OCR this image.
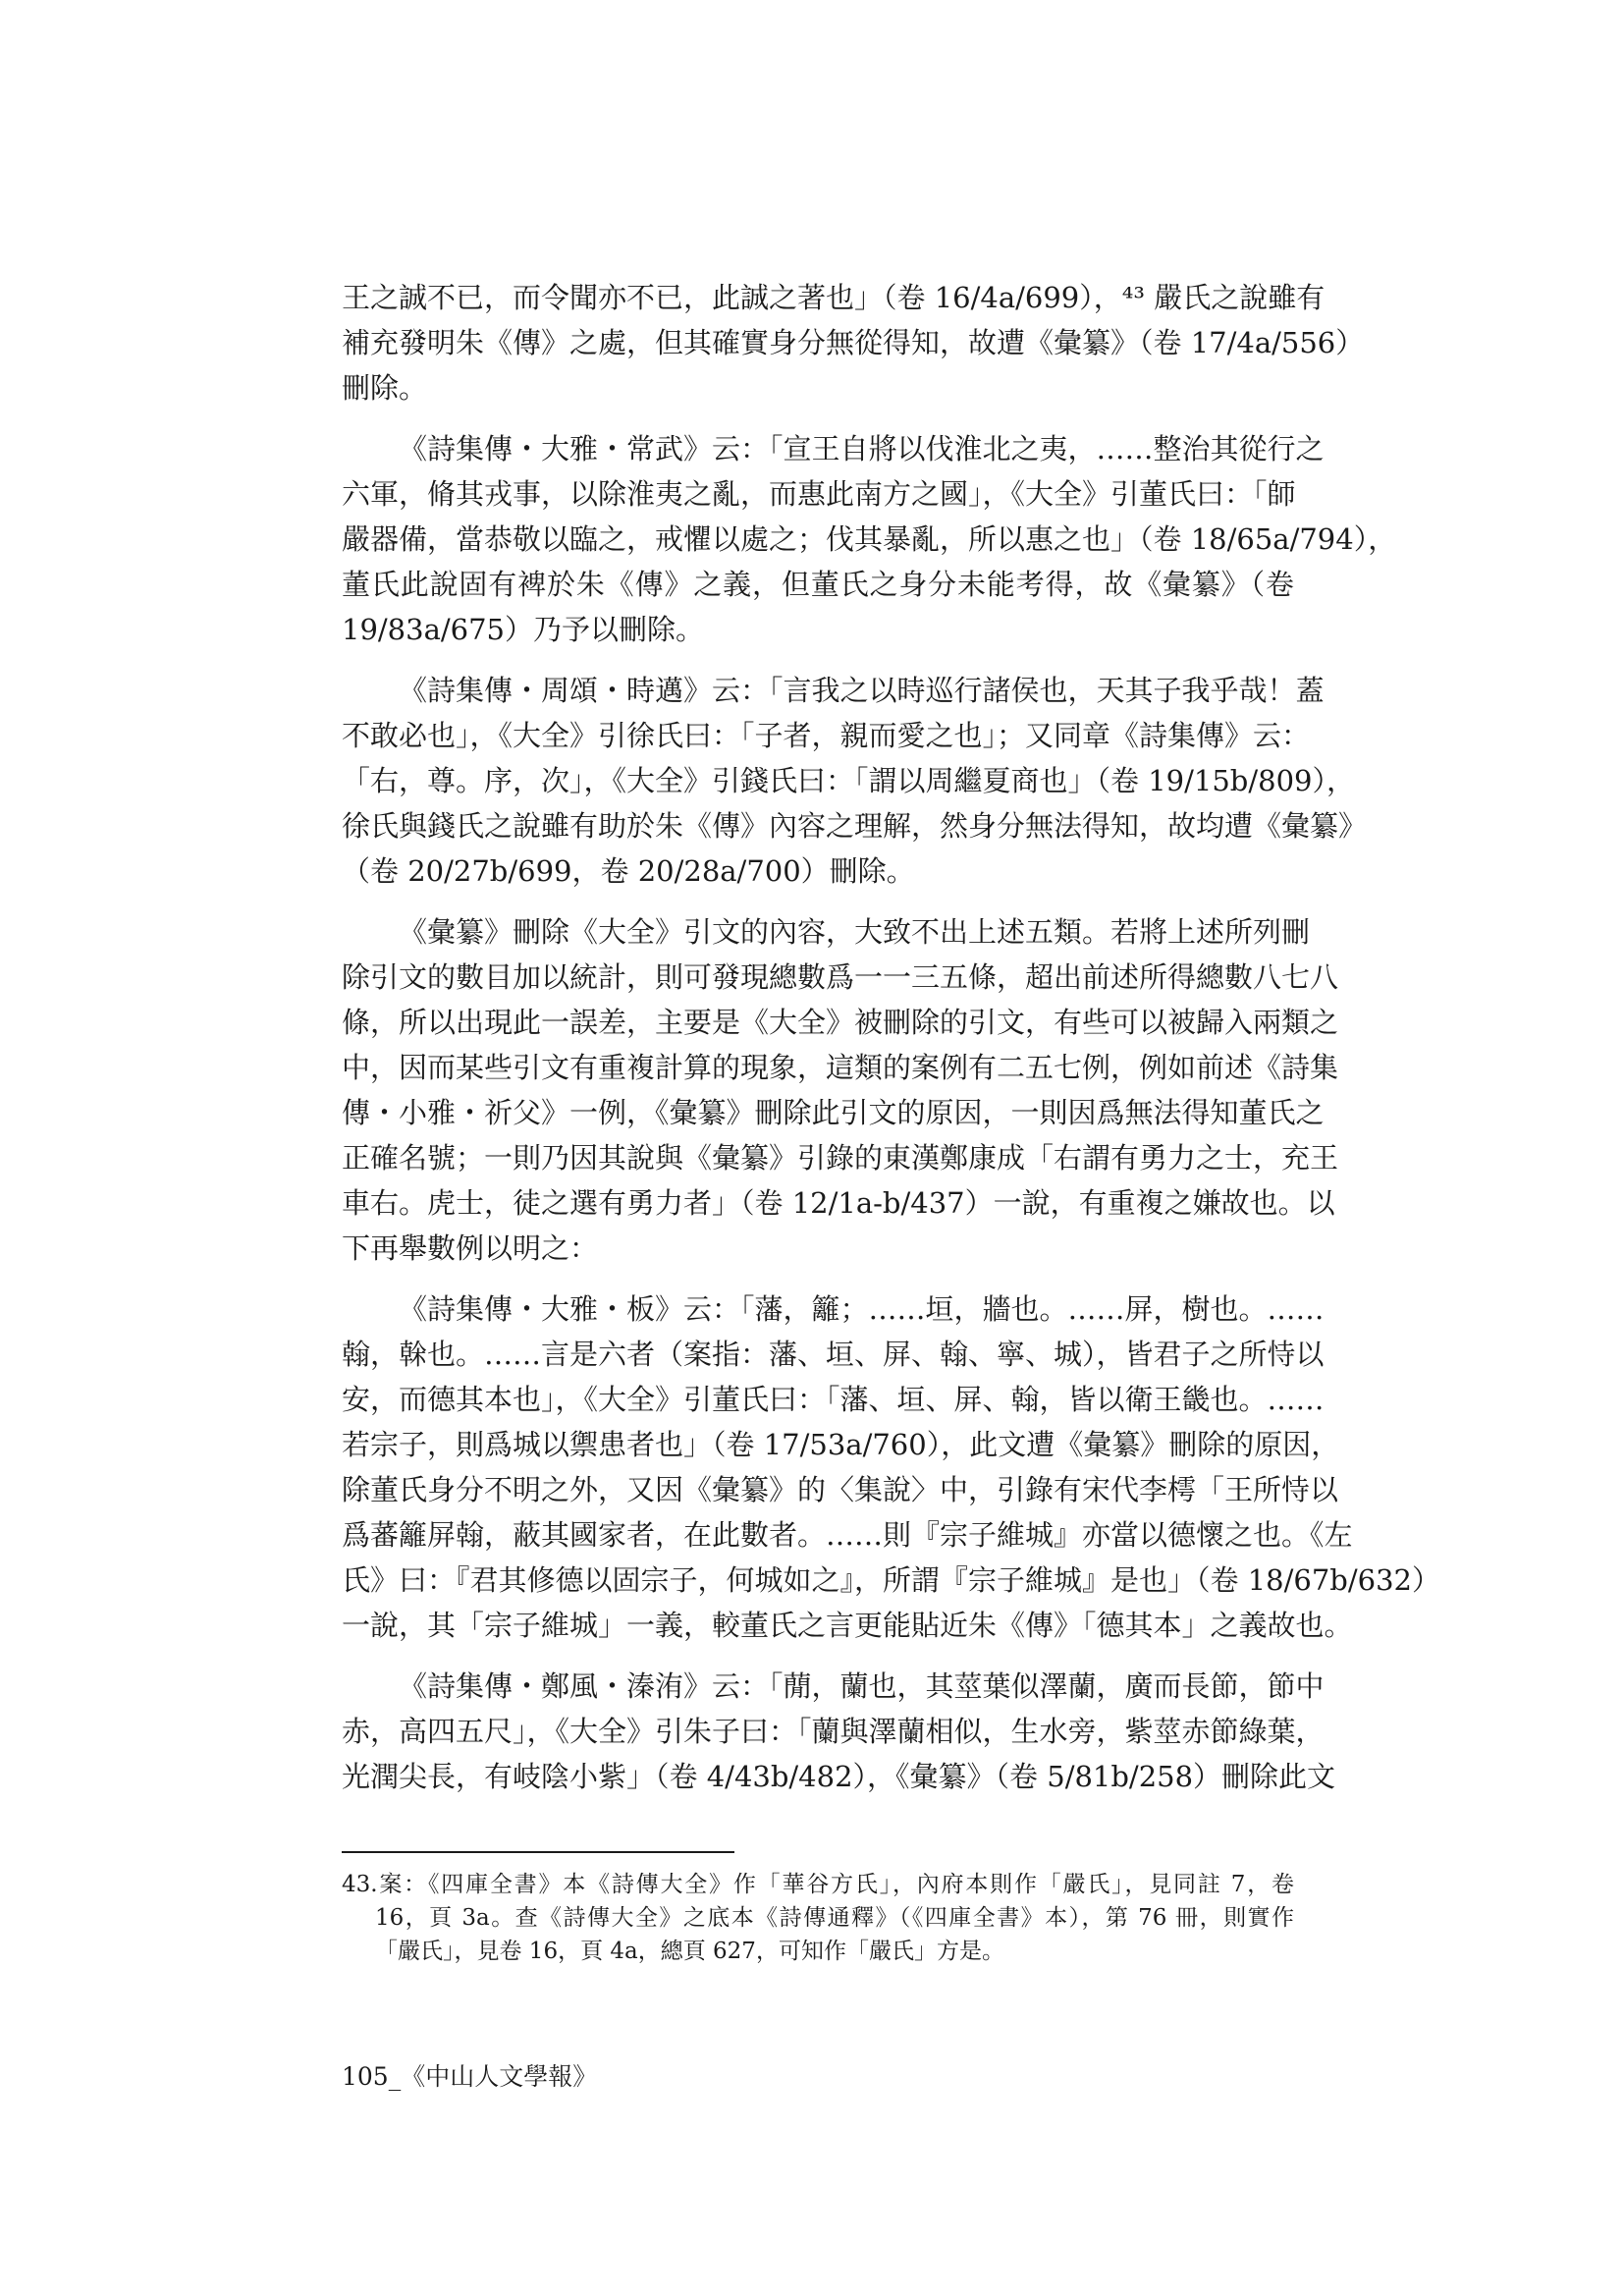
王之誠不已，而令聞亦不已，此誠之著也」（卷 16/4a/699），⁴³ 嚴氏之說雖有
補充發明朱《傳》之處，但其確實身分無從得知，故遭《彙纂》（卷 17/4a/556）
刪除。
《詩集傳・大雅・常武》云：「宣王自將以伐淮北之夷，……整治其從行之
六軍，脩其戎事，以除淮夷之亂，而惠此南方之國」，《大全》引董氏曰：「師
嚴器備，當恭敬以臨之，戒懼以處之；伐其暴亂，所以惠之也」（卷 18/65a/794），
董氏此說固有裨於朱《傳》之義，但董氏之身分未能考得，故《彙纂》（卷
19/83a/675）乃予以刪除。
《詩集傳・周頌・時邁》云：「言我之以時巡行諸侯也，天其子我乎哉！蓋
不敢必也」，《大全》引徐氏曰：「子者，親而愛之也」；又同章《詩集傳》云：
「右，尊。序，次」，《大全》引錢氏曰：「謂以周繼夏商也」（卷 19/15b/809），
徐氏與錢氏之說雖有助於朱《傳》內容之理解，然身分無法得知，故均遭《彙纂》
（卷 20/27b/699，卷 20/28a/700）刪除。
《彙纂》刪除《大全》引文的內容，大致不出上述五類。若將上述所列刪
除引文的數目加以統計，則可發現總數爲一一三五條，超出前述所得總數八七八
條，所以出現此一誤差，主要是《大全》被刪除的引文，有些可以被歸入兩類之
中，因而某些引文有重複計算的現象，這類的案例有二五七例，例如前述《詩集
傳・小雅・祈父》一例，《彙纂》刪除此引文的原因，一則因爲無法得知董氏之
正確名號；一則乃因其說與《彙纂》引錄的東漢鄭康成「右謂有勇力之士，充王
車右。虎士，徒之選有勇力者」（卷 12/1a-b/437）一說，有重複之嫌故也。以
下再舉數例以明之：
《詩集傳・大雅・板》云：「藩，籬；……垣，牆也。……屏，樹也。……
翰，榦也。……言是六者（案指：藩、垣、屏、翰、寧、城），皆君子之所恃以
安，而德其本也」，《大全》引董氏曰：「藩、垣、屏、翰，皆以衛王畿也。……
若宗子，則爲城以禦患者也」（卷 17/53a/760），此文遭《彙纂》刪除的原因，
除董氏身分不明之外，又因《彙纂》的〈集說〉中，引錄有宋代李樗「王所恃以
爲蕃籬屏翰，蔽其國家者，在此數者。……則『宗子維城』亦當以德懷之也。《左
氏》曰：『君其修德以固宗子，何城如之』，所謂『宗子維城』是也」（卷 18/67b/632）
一說，其「宗子維城」一義，較董氏之言更能貼近朱《傳》「德其本」之義故也。
《詩集傳・鄭風・溱洧》云：「蕑，蘭也，其莖葉似澤蘭，廣而長節，節中
赤，高四五尺」，《大全》引朱子曰：「蘭與澤蘭相似，生水旁，紫莖赤節綠葉，
光潤尖長，有岐陰小紫」（卷 4/43b/482），《彙纂》（卷 5/81b/258）刪除此文
43.案：《四庫全書》本《詩傳大全》作「華谷方氏」，內府本則作「嚴氏」，見同註 7，卷
16，頁 3a。查《詩傳大全》之底本《詩傳通釋》（《四庫全書》本），第 76 冊，則實作
「嚴氏」，見卷 16，頁 4a，總頁 627，可知作「嚴氏」方是。
105_《中山人文學報》
